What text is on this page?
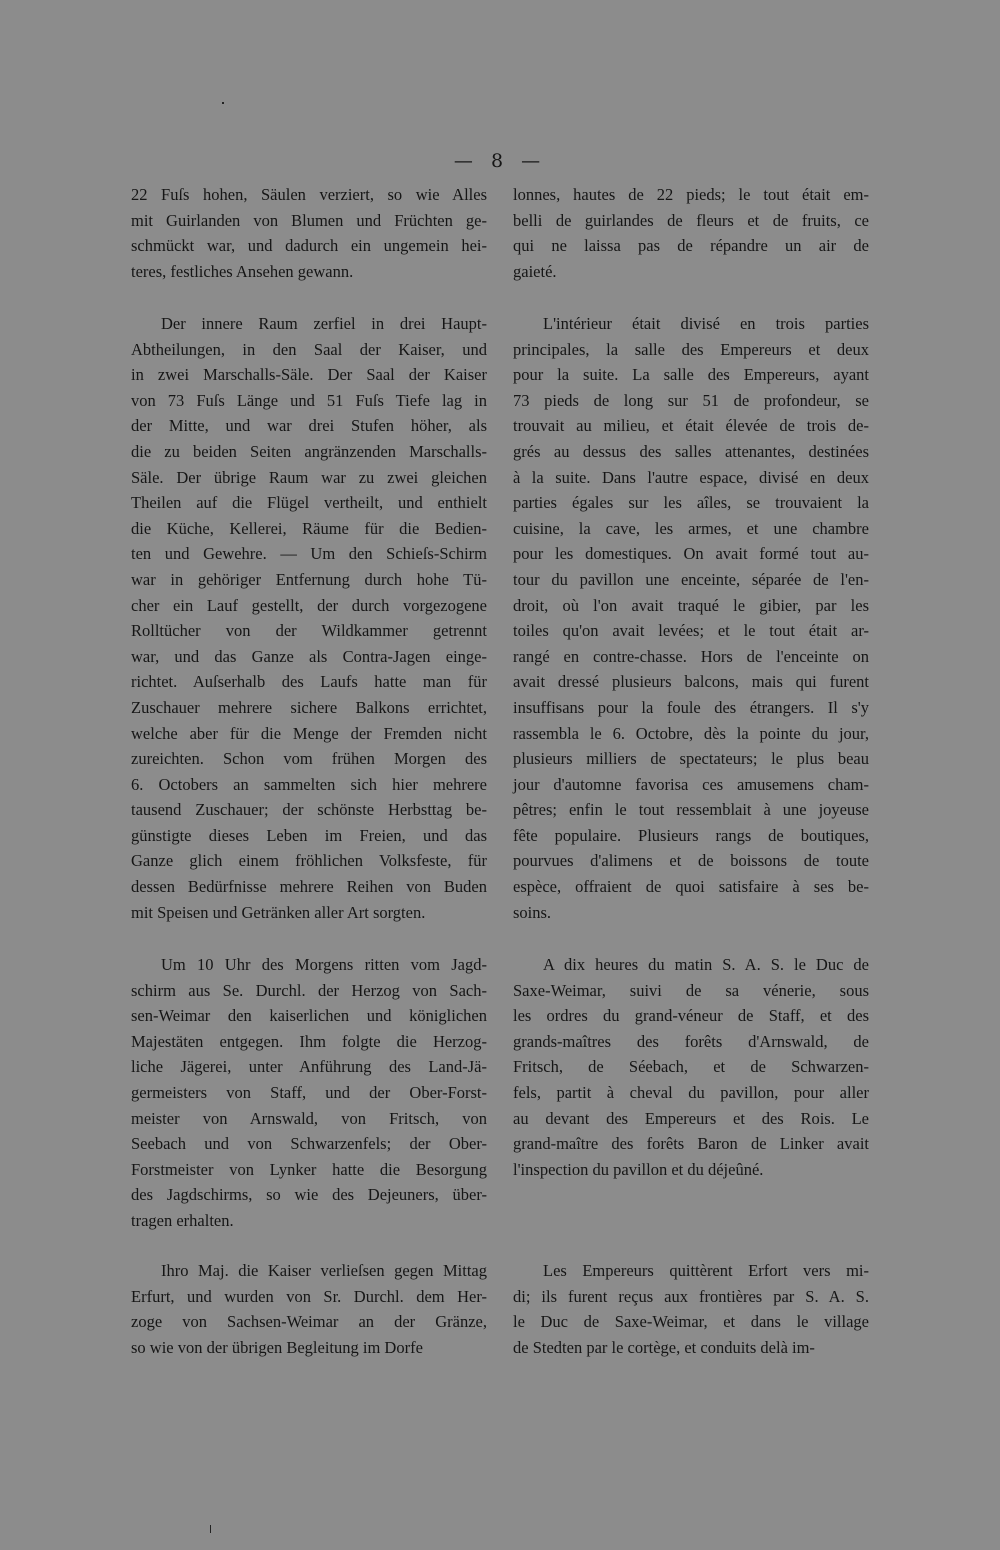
— 8 —
22 Fuſs hohen, Säulen verziert, so wie Alles
mit Guirlanden von Blumen und Früchten ge-
schmückt war, und dadurch ein ungemein hei-
teres, festliches Ansehen gewann.
Der innere Raum zerfiel in drei Haupt-
Abtheilungen, in den Saal der Kaiser, und
in zwei Marschalls-Säle. Der Saal der Kaiser
von 73 Fuſs Länge und 51 Fuſs Tiefe lag in
der Mitte, und war drei Stufen höher, als
die zu beiden Seiten angränzenden Marschalls-
Säle. Der übrige Raum war zu zwei gleichen
Theilen auf die Flügel vertheilt, und enthielt
die Küche, Kellerei, Räume für die Bedien-
ten und Gewehre. — Um den Schieſs-Schirm
war in gehöriger Entfernung durch hohe Tü-
cher ein Lauf gestellt, der durch vorgezogene
Rolltücher von der Wildkammer getrennt
war, und das Ganze als Contra-Jagen einge-
richtet. Auſserhalb des Laufs hatte man für
Zuschauer mehrere sichere Balkons errichtet,
welche aber für die Menge der Fremden nicht
zureichten. Schon vom frühen Morgen des
6. Octobers an sammelten sich hier mehrere
tausend Zuschauer; der schönste Herbsttag be-
günstigte dieses Leben im Freien, und das
Ganze glich einem fröhlichen Volksfeste, für
dessen Bedürfnisse mehrere Reihen von Buden
mit Speisen und Getränken aller Art sorgten.
Um 10 Uhr des Morgens ritten vom Jagd-
schirm aus Se. Durchl. der Herzog von Sach-
sen-Weimar den kaiserlichen und königlichen
Majestäten entgegen. Ihm folgte die Herzog-
liche Jägerei, unter Anführung des Land-Jä-
germeisters von Staff, und der Ober-Forst-
meister von Arnswald, von Fritsch, von
Seebach und von Schwarzenfels; der Ober-
Forstmeister von Lynker hatte die Besorgung
des Jagdschirms, so wie des Dejeuners, über-
tragen erhalten.
Ihro Maj. die Kaiser verlieſsen gegen Mittag
Erfurt, und wurden von Sr. Durchl. dem Her-
zoge von Sachsen-Weimar an der Gränze,
so wie von der übrigen Begleitung im Dorfe
lonnes, hautes de 22 pieds; le tout était em-
belli de guirlandes de fleurs et de fruits, ce
qui ne laissa pas de répandre un air de
gaieté.
L'intérieur était divisé en trois parties
principales, la salle des Empereurs et deux
pour la suite. La salle des Empereurs, ayant
73 pieds de long sur 51 de profondeur, se
trouvait au milieu, et était élevée de trois de-
grés au dessus des salles attenantes, destinées
à la suite. Dans l'autre espace, divisé en deux
parties égales sur les aîles, se trouvaient la
cuisine, la cave, les armes, et une chambre
pour les domestiques. On avait formé tout au-
tour du pavillon une enceinte, séparée de l'en-
droit, où l'on avait traqué le gibier, par les
toiles qu'on avait levées; et le tout était ar-
rangé en contre-chasse. Hors de l'enceinte on
avait dressé plusieurs balcons, mais qui furent
insuffisans pour la foule des étrangers. Il s'y
rassembla le 6. Octobre, dès la pointe du jour,
plusieurs milliers de spectateurs; le plus beau
jour d'automne favorisa ces amusemens cham-
pêtres; enfin le tout ressemblait à une joyeuse
fête populaire. Plusieurs rangs de boutiques,
pourvues d'alimens et de boissons de toute
espèce, offraient de quoi satisfaire à ses be-
soins.
A dix heures du matin S. A. S. le Duc de
Saxe-Weimar, suivi de sa vénerie, sous
les ordres du grand-véneur de Staff, et des
grands-maîtres des forêts d'Arnswald, de
Fritsch, de Séebach, et de Schwarzen-
fels, partit à cheval du pavillon, pour aller
au devant des Empereurs et des Rois. Le
grand-maître des forêts Baron de Linker avait
l'inspection du pavillon et du déjeûné.
Les Empereurs quittèrent Erfort vers mi-
di; ils furent reçus aux frontières par S. A. S.
le Duc de Saxe-Weimar, et dans le village
de Stedten par le cortège, et conduits delà im-
